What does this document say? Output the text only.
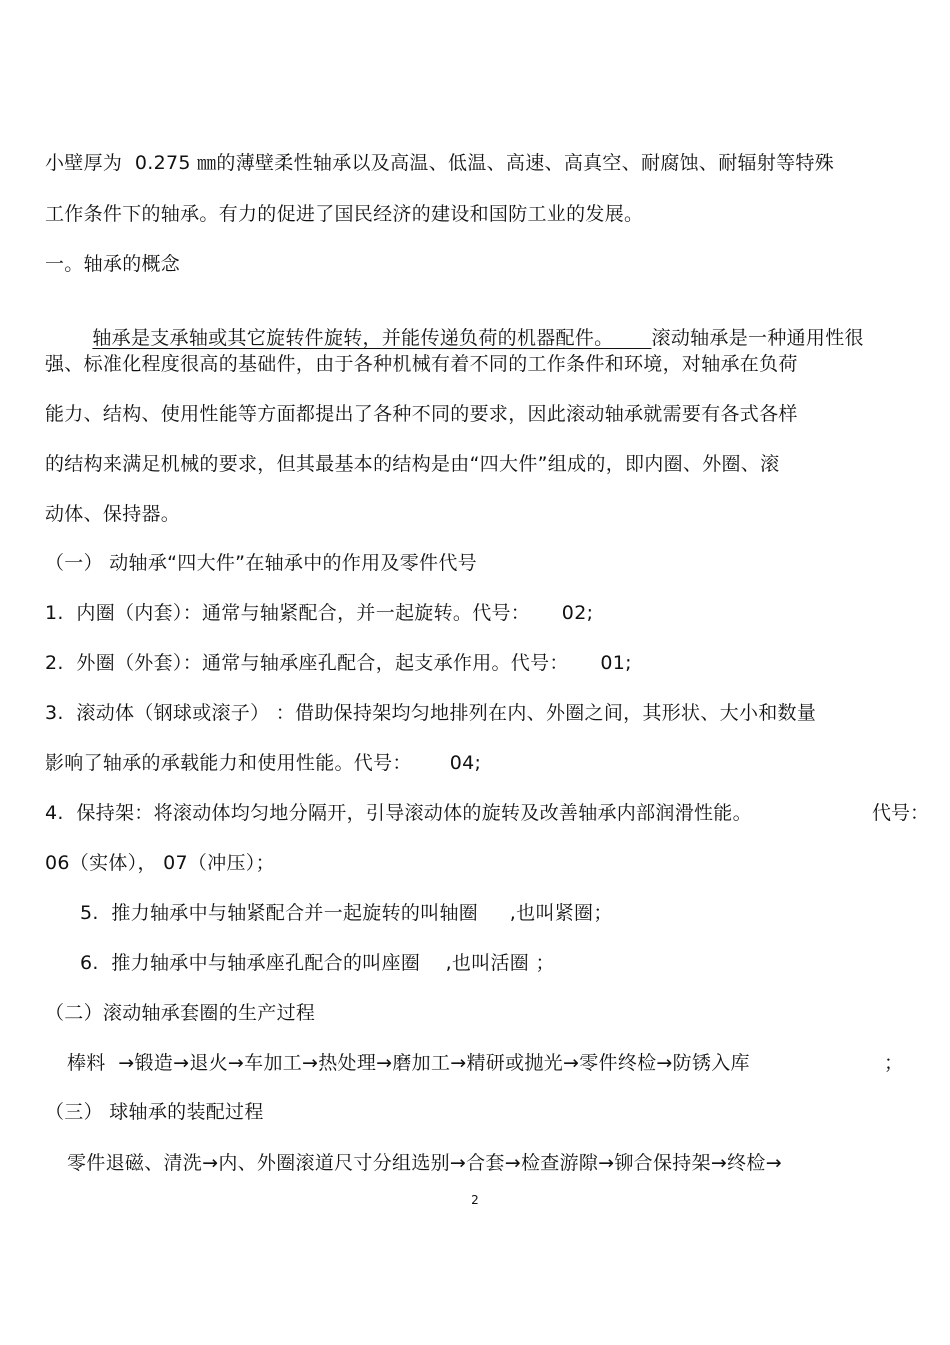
小壁厚为  0.275 ㎜的薄壁柔性轴承以及高温、低温、高速、高真空、耐腐蚀、耐辐射等特殊
工作条件下的轴承。有力的促进了国民经济的建设和国防工业的发展。
一。轴承的概念

轴承是支承轴或其它旋转件旋转，并能传递负荷的机器配件。 滚动轴承是一种通用性很

强、标准化程度很高的基础件，由于各种机械有着不同的工作条件和环境，对轴承在负荷
能力、结构、使用性能等方面都提出了各种不同的要求，因此滚动轴承就需要有各式各样
的结构来满足机械的要求，但其最基本的结构是由“四大件”组成的，即内圈、外圈、滚
动体、保持器。
（一） 动轴承“四大件”在轴承中的作用及零件代号
1.  内圈（内套）：通常与轴紧配合，并一起旋转。代号：     02;
2.  外圈（外套）：通常与轴承座孔配合，起支承作用。代号：     01;
3.  滚动体（钢球或滚子） ：借助保持架均匀地排列在内、外圈之间，其形状、大小和数量
影响了轴承的承载能力和使用性能。代号：      04;
4.  保持架：将滚动体均匀地分隔开，引导滚动体的旋转及改善轴承内部润滑性能。	代号：
06（实体）， 07（冲压）；
5.  推力轴承中与轴紧配合并一起旋转的叫轴圈     ,也叫紧圈；
6.  推力轴承中与轴承座孔配合的叫座圈    ,也叫活圈 ；
（二）滚动轴承套圈的生产过程
棒料  →锻造→退火→车加工→热处理→磨加工→精研或抛光→零件终检→防锈入库	；
（三） 球轴承的装配过程
零件退磁、清洗→内、外圈滚道尺寸分组选别→合套→检查游隙→铆合保持架→终检→
2
